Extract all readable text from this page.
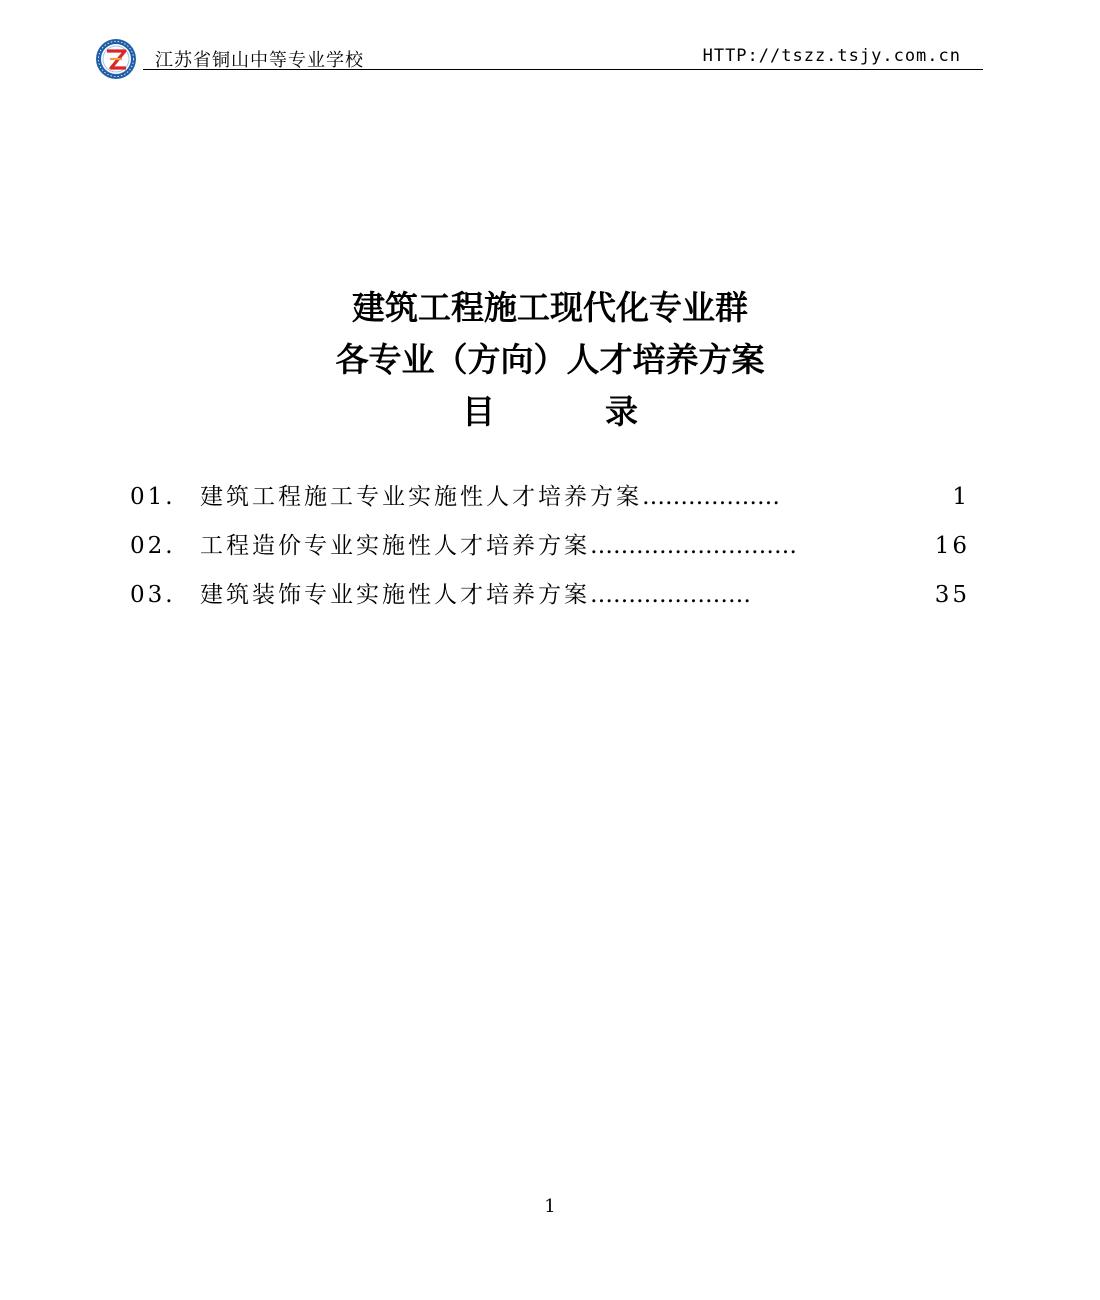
江苏省铜山中等专业学校	HTTP://tszz.tsjy.com.cn
建筑工程施工现代化专业群
各专业（方向）人才培养方案
目	录
01.	建筑工程施工专业实施性人才培养方案 ………………	1
02.	工程造价专业实施性人才培养方案 ………………………	16
03.	建筑装饰专业实施性人才培养方案 …………………	35
1
